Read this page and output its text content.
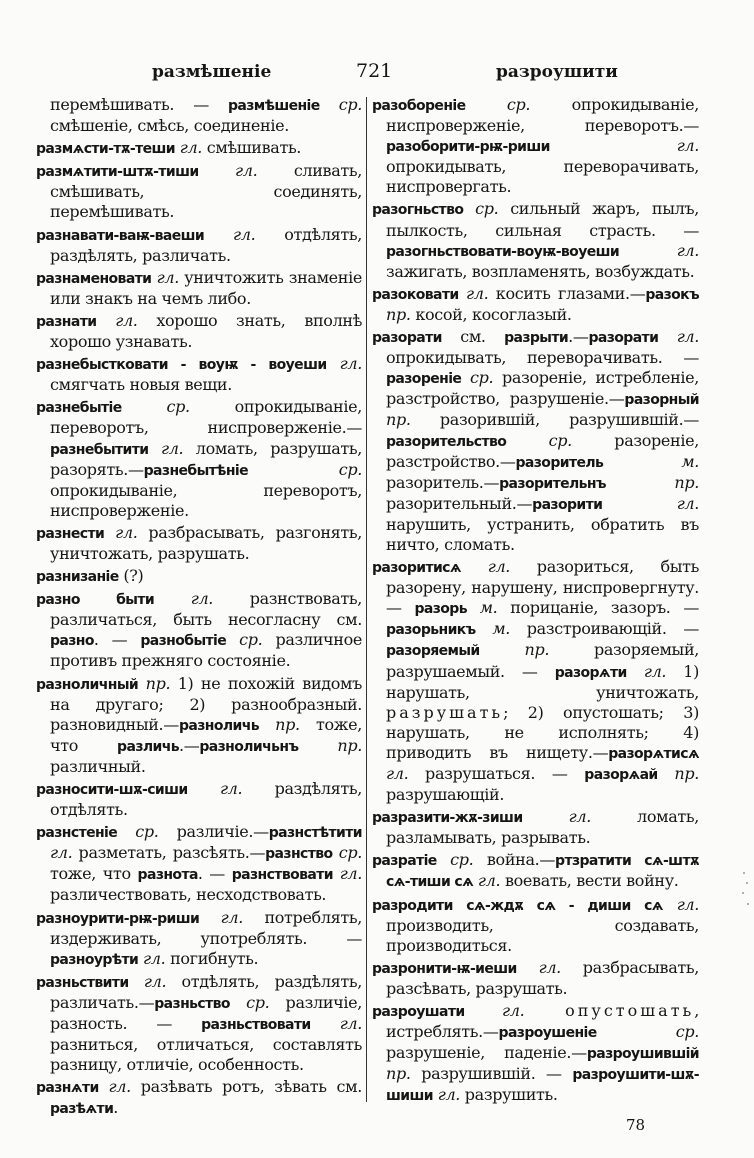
размѣшеніе	721	разроушити
перемѣшивать. — размѣшеніе ср. смѣшеніе, смѣсь, соединеніе.
размѧсти-тѫ-теши гл. смѣшивать.
размѧтити-штѫ-тиши гл. сливать, смѣшивать, соединять, перемѣшивать.
разнавати-ваѭ-ваеши гл. отдѣлять, раздѣлять, различать.
разнаменовати гл. уничтожить знаменіе или знакъ на чемъ либо.
разнати гл. хорошо знать, вполнѣ хорошо узнавать.
разнебыстковати - воуѭ - воуеши гл. смягчать новыя вещи.
разнебытіе ср. опрокидываніе, переворотъ, ниспроверженіе.—разнебытити гл. ломать, разрушать, разорять.—разнебытѣніе ср. опрокидываніе, переворотъ, ниспроверженіе.
разнести гл. разбрасывать, разгонять, уничтожать, разрушать.
разнизаніе (?)
разно быти гл. разнствовать, различаться, быть несогласну см. разно. — разнобытіе ср. различное противъ прежняго состояніе.
разноличный пр. 1) не похожій видомъ на другаго; 2) разнообразный. разновидный.—разноличь пр. тоже, что различь.—разноличьнъ пр. различный.
разносити-шѫ-сиши гл. раздѣлять, отдѣлять.
разнстеніе ср. различіе.—разнстѣтити гл. разметать, разсѣять.—разнство ср. тоже, что разнота. — разнствовати гл. различествовать, несходствовать.
разноурити-рѭ-риши гл. потреблять, издерживать, употреблять. — разноурѣти гл. погибнуть.
разньствити гл. отдѣлять, раздѣлять, различать.—разньство ср. различіе, разность. — разньствовати гл. разниться, отличаться, составлять разницу, отличіе, особенность.
разнѧти гл. разѣвать ротъ, зѣвать см. разѣѧти.
разобореніе ср. опрокидываніе, ниспроверженіе, переворотъ.—разоборити-рѭ-риши гл. опрокидывать, переворачивать, ниспровергать.
разогньство ср. сильный жаръ, пылъ, пылкость, сильная страсть. — разогньствовати-воуѭ-воуеши гл. зажигать, возпламенять, возбуждать.
разоковати гл. косить глазами.—разокъ пр. косой, косоглазый.
разорати см. разрыти.—разорати гл. опрокидывать, переворачивать. — разореніе ср. разореніе, истребленіе, разстройство, разрушеніе.—разорный пр. разорившій, разрушившій.—разорительство ср. разореніе, разстройство.—разоритель м. разоритель.—разорительнъ пр. разорительный.—разорити гл. нарушить, устранить, обратить въ ничто, сломать.
разоритисѧ гл. разориться, быть разорену, нарушену, ниспровергнуту. — разорь м. порицаніе, зазоръ. — разорьникъ м. разстроивающій. — разоряемый пр. разоряемый, разрушаемый. — разорѧти гл. 1) нарушать, уничтожать, разрушать; 2) опустошать; 3) нарушать, не исполнять; 4) приводить въ нищету.—разорѧтисѧ гл. разрушаться. — разорѧай пр. разрушающій.
разразити-жѫ-зиши гл. ломать, разламывать, разрывать.
разратіе ср. война.—ртзратити сѧ-штѫ сѧ-тиши сѧ гл. воевать, вести войну.
разродити сѧ-ждѫ сѧ - диши сѧ гл. производить, создавать, производиться.
разронити-ѭ-иеши гл. разбрасывать, разсѣвать, разрушать.
разроушати гл. опустошать, истреблять.—разроушеніе ср. разрушеніе, паденіе.—разроушившій пр. разрушившій. — разроушити-шѫ-шиши гл. разрушить.
78
